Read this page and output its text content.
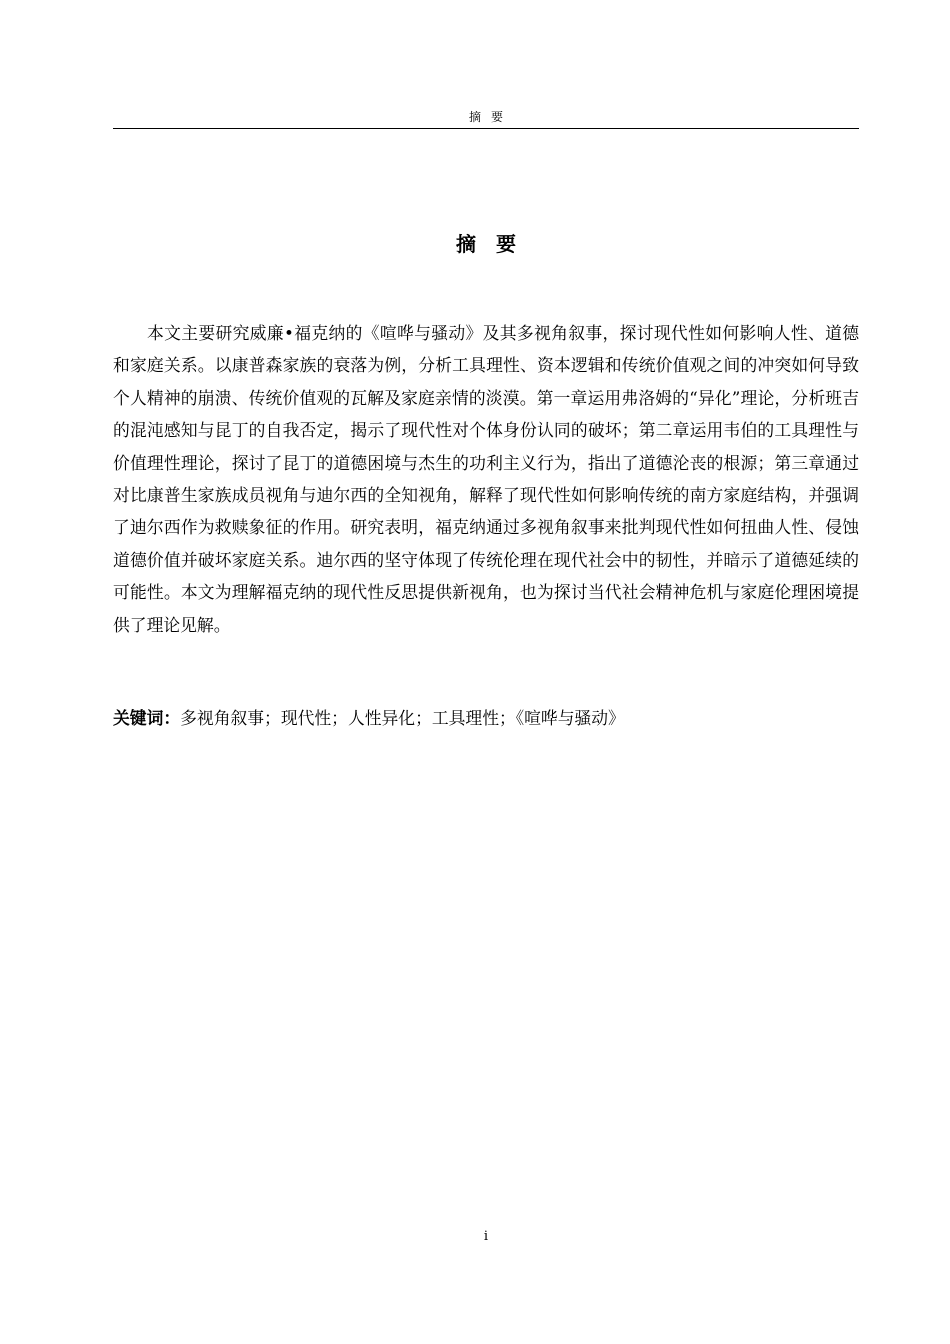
摘要
摘要

本文主要研究威廉•福克纳的《喧哗与骚动》及其多视角叙事，探讨现代性如何影响人性、道德和家庭关系。以康普森家族的衰落为例，分析工具理性、资本逻辑和传统价值观之间的冲突如何导致个人精神的崩溃、传统价值观的瓦解及家庭亲情的淡漠。第一章运用弗洛姆的“异化”理论，分析班吉的混沌感知与昆丁的自我否定，揭示了现代性对个体身份认同的破坏；第二章运用韦伯的工具理性与价值理性理论，探讨了昆丁的道德困境与杰生的功利主义行为，指出了道德沦丧的根源；第三章通过对比康普生家族成员视角与迪尔西的全知视角，解释了现代性如何影响传统的南方家庭结构，并强调了迪尔西作为救赎象征的作用。研究表明，福克纳通过多视角叙事来批判现代性如何扭曲人性、侵蚀道德价值并破坏家庭关系。迪尔西的坚守体现了传统伦理在现代社会中的韧性，并暗示了道德延续的可能性。本文为理解福克纳的现代性反思提供新视角，也为探讨当代社会精神危机与家庭伦理困境提供了理论见解。

关键词：多视角叙事；现代性；人性异化；工具理性；《喧哗与骚动》

i
